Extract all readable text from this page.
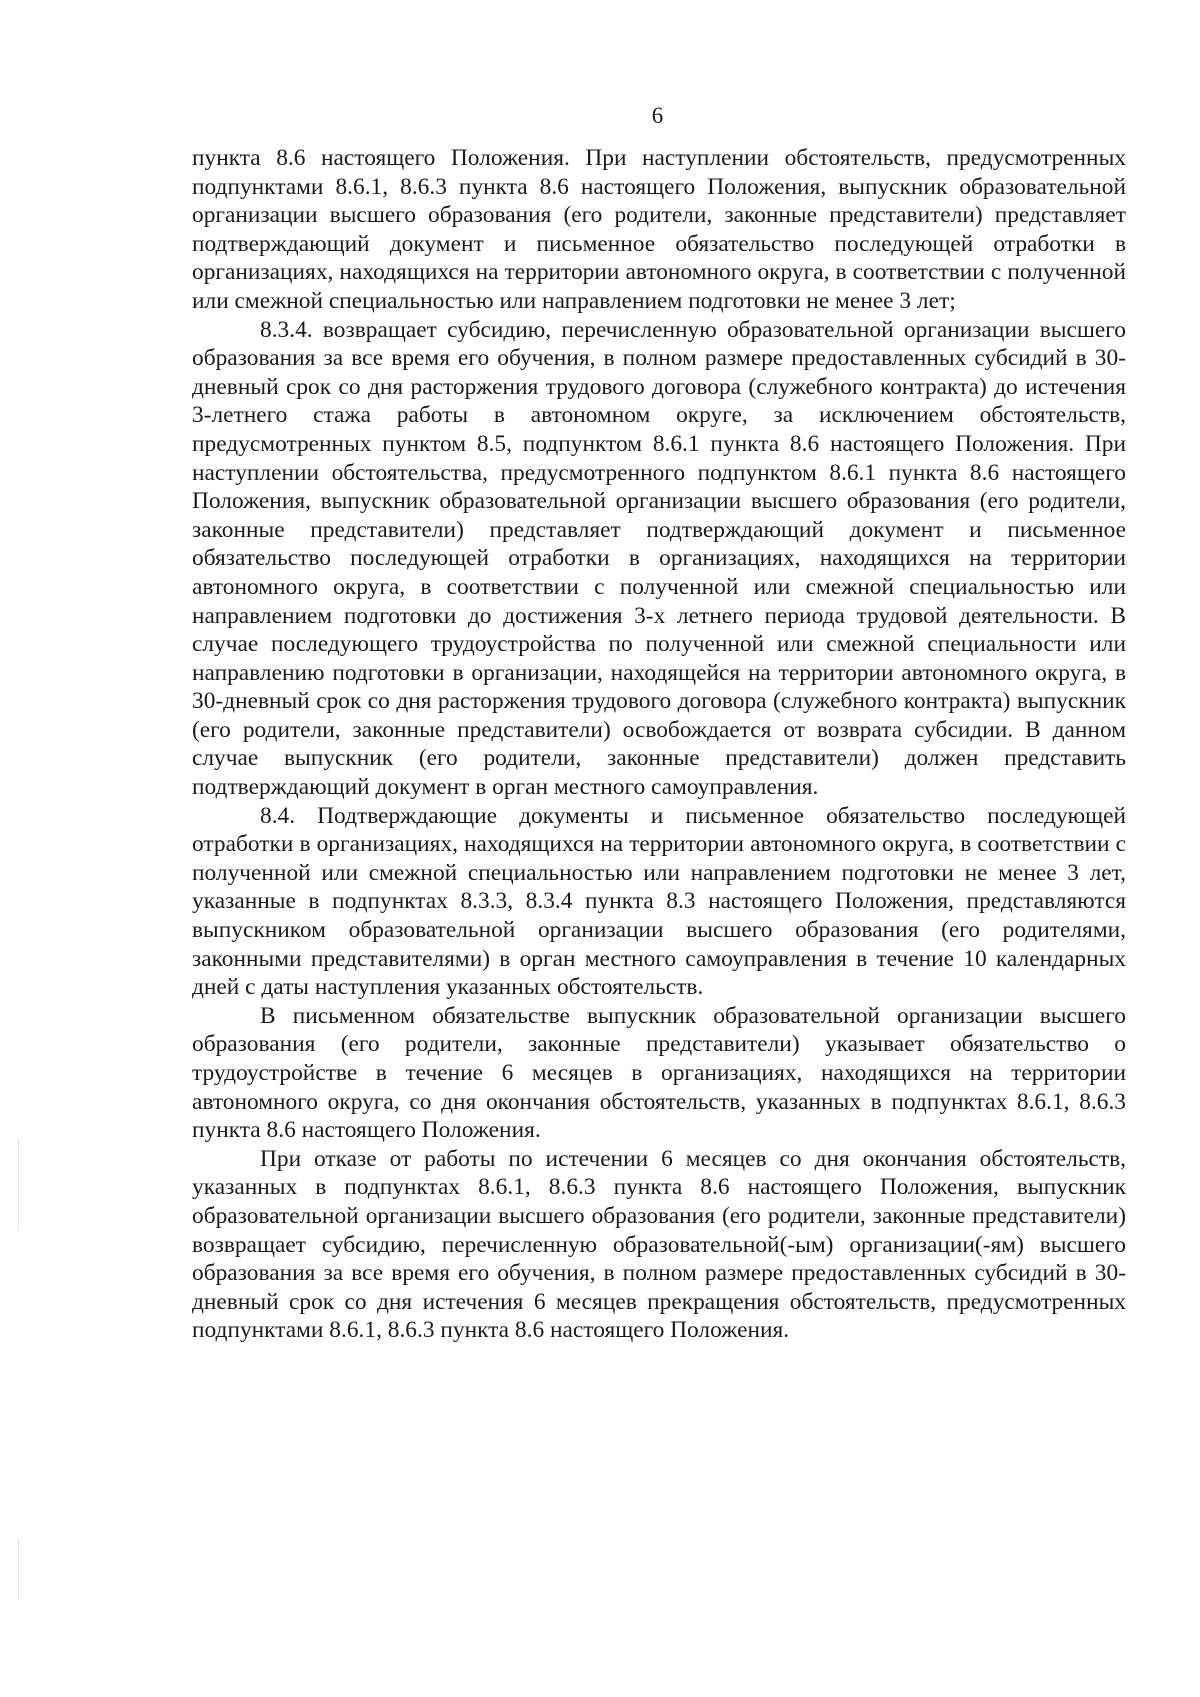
6

пункта 8.6 настоящего Положения. При наступлении обстоятельств, предусмотренных подпунктами 8.6.1, 8.6.3 пункта 8.6 настоящего Положения, выпускник образовательной организации высшего образования (его родители, законные представители) представляет подтверждающий документ и письменное обязательство последующей отработки в организациях, находящихся на территории автономного округа, в соответствии с полученной или смежной специальностью или направлением подготовки не менее 3 лет;

8.3.4. возвращает субсидию, перечисленную образовательной организации высшего образования за все время его обучения, в полном размере предоставленных субсидий в 30-дневный срок со дня расторжения трудового договора (служебного контракта) до истечения 3-летнего стажа работы в автономном округе, за исключением обстоятельств, предусмотренных пунктом 8.5, подпунктом 8.6.1 пункта 8.6 настоящего Положения. При наступлении обстоятельства, предусмотренного подпунктом 8.6.1 пункта 8.6 настоящего Положения, выпускник образовательной организации высшего образования (его родители, законные представители) представляет подтверждающий документ и письменное обязательство последующей отработки в организациях, находящихся на территории автономного округа, в соответствии с полученной или смежной специальностью или направлением подготовки до достижения 3-х летнего периода трудовой деятельности. В случае последующего трудоустройства по полученной или смежной специальности или направлению подготовки в организации, находящейся на территории автономного округа, в 30-дневный срок со дня расторжения трудового договора (служебного контракта) выпускник (его родители, законные представители) освобождается от возврата субсидии. В данном случае выпускник (его родители, законные представители) должен представить подтверждающий документ в орган местного самоуправления.

8.4. Подтверждающие документы и письменное обязательство последующей отработки в организациях, находящихся на территории автономного округа, в соответствии с полученной или смежной специальностью или направлением подготовки не менее 3 лет, указанные в подпунктах 8.3.3, 8.3.4 пункта 8.3 настоящего Положения, представляются выпускником образовательной организации высшего образования (его родителями, законными представителями) в орган местного самоуправления в течение 10 календарных дней с даты наступления указанных обстоятельств.

В письменном обязательстве выпускник образовательной организации высшего образования (его родители, законные представители) указывает обязательство о трудоустройстве в течение 6 месяцев в организациях, находящихся на территории автономного округа, со дня окончания обстоятельств, указанных в подпунктах 8.6.1, 8.6.3 пункта 8.6 настоящего Положения.

При отказе от работы по истечении 6 месяцев со дня окончания обстоятельств, указанных в подпунктах 8.6.1, 8.6.3 пункта 8.6 настоящего Положения, выпускник образовательной организации высшего образования (его родители, законные представители) возвращает субсидию, перечисленную образовательной(-ым) организации(-ям) высшего образования за все время его обучения, в полном размере предоставленных субсидий в 30-дневный срок со дня истечения 6 месяцев прекращения обстоятельств, предусмотренных подпунктами 8.6.1, 8.6.3 пункта 8.6 настоящего Положения.
